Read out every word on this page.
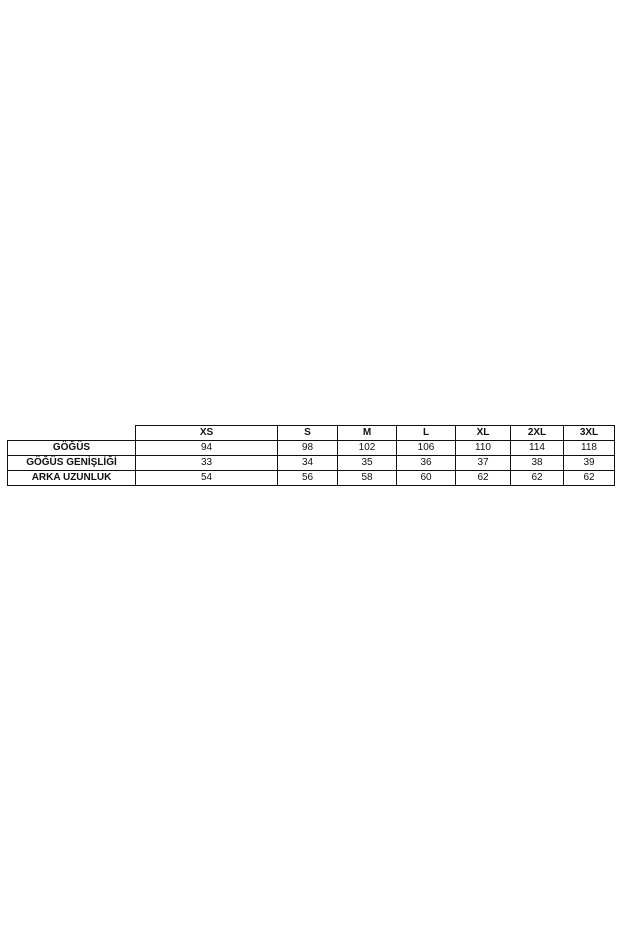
	XS	S	M	L	XL	2XL	3XL
GÖĞÜS	94	98	102	106	110	114	118
GÖĞÜS GENİŞLİĞİ	33	34	35	36	37	38	39
ARKA UZUNLUK	54	56	58	60	62	62	62
